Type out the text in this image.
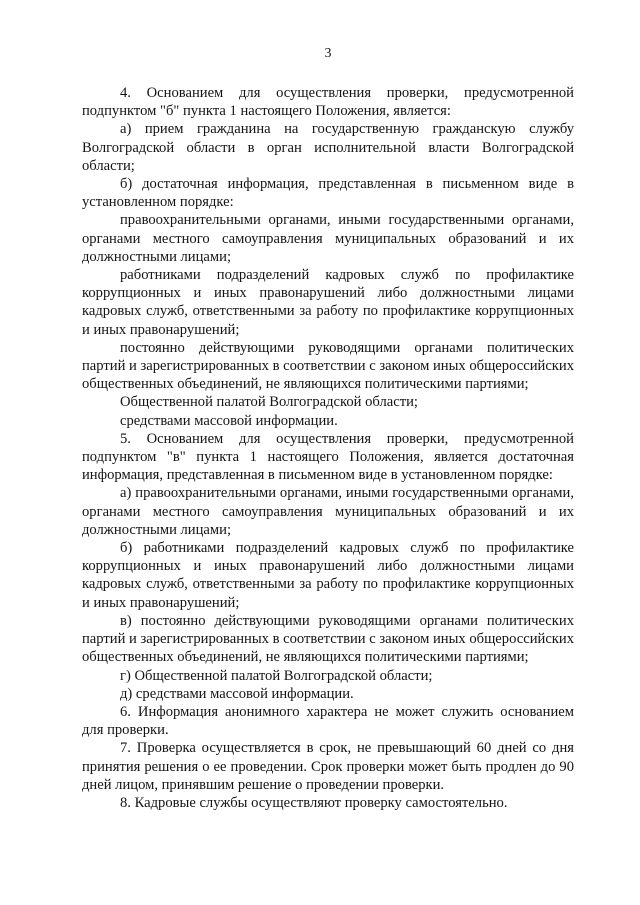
3

4. Основанием для осуществления проверки, предусмотренной подпунктом "б" пункта 1 настоящего Положения, является:

а) прием гражданина на государственную гражданскую службу Волгоградской области в орган исполнительной власти Волгоградской области;

б) достаточная информация, представленная в письменном виде в установленном порядке:

правоохранительными органами, иными государственными органами, органами местного самоуправления муниципальных образований и их должностными лицами;

работниками подразделений кадровых служб по профилактике коррупционных и иных правонарушений либо должностными лицами кадровых служб, ответственными за работу по профилактике коррупционных и иных правонарушений;

постоянно действующими руководящими органами политических партий и зарегистрированных в соответствии с законом иных общероссийских общественных объединений, не являющихся политическими партиями;

Общественной палатой Волгоградской области;

средствами массовой информации.

5. Основанием для осуществления проверки, предусмотренной подпунктом "в" пункта 1 настоящего Положения, является достаточная информация, представленная в письменном виде в установленном порядке:

а) правоохранительными органами, иными государственными органами, органами местного самоуправления муниципальных образований и их должностными лицами;

б) работниками подразделений кадровых служб по профилактике коррупционных и иных правонарушений либо должностными лицами кадровых служб, ответственными за работу по профилактике коррупционных и иных правонарушений;

в) постоянно действующими руководящими органами политических партий и зарегистрированных в соответствии с законом иных общероссийских общественных объединений, не являющихся политическими партиями;

г) Общественной палатой Волгоградской области;

д) средствами массовой информации.

6. Информация анонимного характера не может служить основанием для проверки.

7. Проверка осуществляется в срок, не превышающий 60 дней со дня принятия решения о ее проведении. Срок проверки может быть продлен до 90 дней лицом, принявшим решение о проведении проверки.

8. Кадровые службы осуществляют проверку самостоятельно.
